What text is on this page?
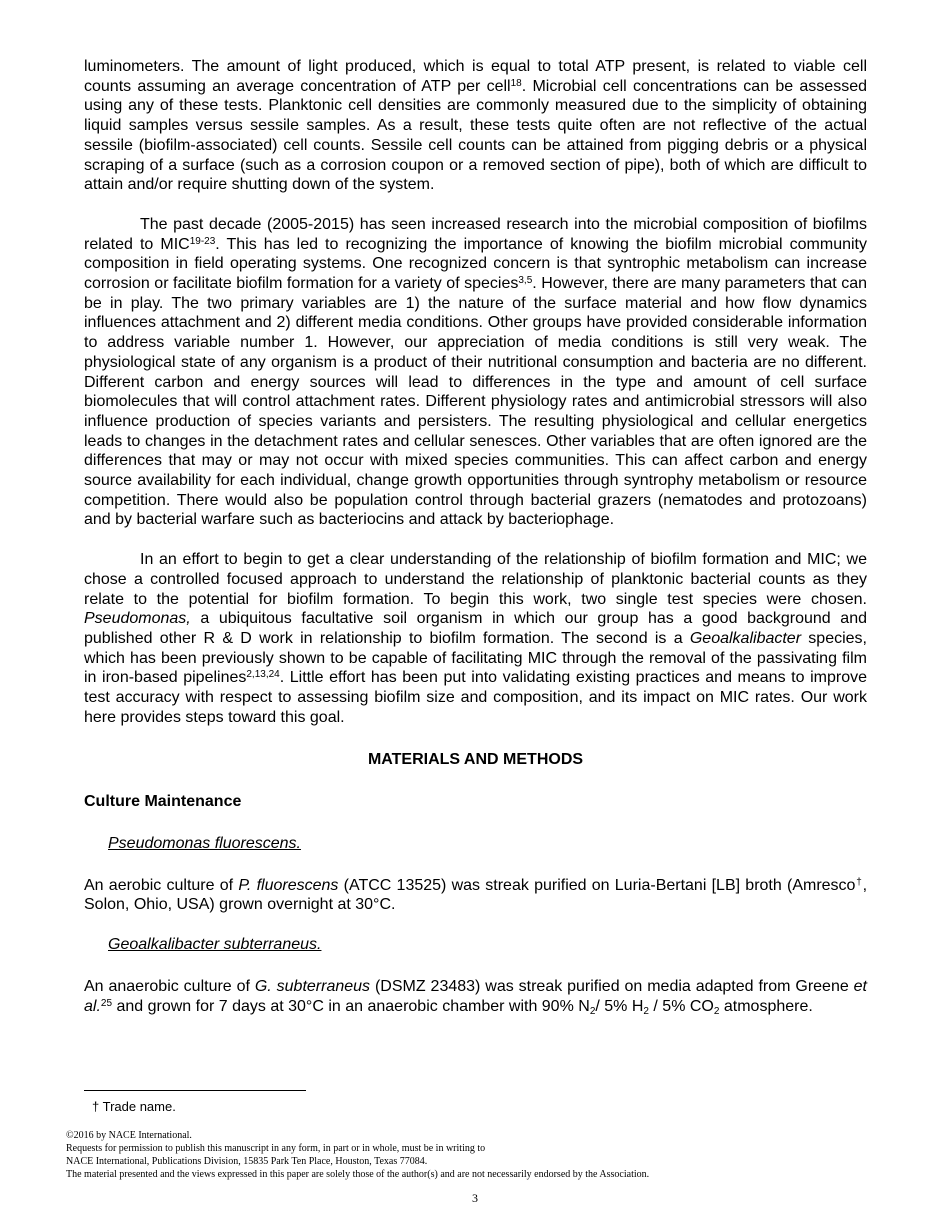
luminometers. The amount of light produced, which is equal to total ATP present, is related to viable cell counts assuming an average concentration of ATP per cell$^{18}$. Microbial cell concentrations can be assessed using any of these tests. Planktonic cell densities are commonly measured due to the simplicity of obtaining liquid samples versus sessile samples. As a result, these tests quite often are not reflective of the actual sessile (biofilm-associated) cell counts. Sessile cell counts can be attained from pigging debris or a physical scraping of a surface (such as a corrosion coupon or a removed section of pipe), both of which are difficult to attain and/or require shutting down of the system.

The past decade (2005-2015) has seen increased research into the microbial composition of biofilms related to MIC$^{19-23}$. This has led to recognizing the importance of knowing the biofilm microbial community composition in field operating systems. One recognized concern is that syntrophic metabolism can increase corrosion or facilitate biofilm formation for a variety of species$^{3,5}$. However, there are many parameters that can be in play. The two primary variables are 1) the nature of the surface material and how flow dynamics influences attachment and 2) different media conditions. Other groups have provided considerable information to address variable number 1. However, our appreciation of media conditions is still very weak. The physiological state of any organism is a product of their nutritional consumption and bacteria are no different. Different carbon and energy sources will lead to differences in the type and amount of cell surface biomolecules that will control attachment rates. Different physiology rates and antimicrobial stressors will also influence production of species variants and persisters. The resulting physiological and cellular energetics leads to changes in the detachment rates and cellular senesces. Other variables that are often ignored are the differences that may or may not occur with mixed species communities. This can affect carbon and energy source availability for each individual, change growth opportunities through syntrophy metabolism or resource competition. There would also be population control through bacterial grazers (nematodes and protozoans) and by bacterial warfare such as bacteriocins and attack by bacteriophage.

In an effort to begin to get a clear understanding of the relationship of biofilm formation and MIC; we chose a controlled focused approach to understand the relationship of planktonic bacterial counts as they relate to the potential for biofilm formation. To begin this work, two single test species were chosen. Pseudomonas, a ubiquitous facultative soil organism in which our group has a good background and published other R & D work in relationship to biofilm formation. The second is a Geoalkalibacter species, which has been previously shown to be capable of facilitating MIC through the removal of the passivating film in iron-based pipelines$^{2,13,24}$. Little effort has been put into validating existing practices and means to improve test accuracy with respect to assessing biofilm size and composition, and its impact on MIC rates. Our work here provides steps toward this goal.

MATERIALS AND METHODS

Culture Maintenance

Pseudomonas fluorescens.

An aerobic culture of P. fluorescens (ATCC 13525) was streak purified on Luria-Bertani [LB] broth (Amresco†, Solon, Ohio, USA) grown overnight at 30°C.

Geoalkalibacter subterraneus.

An anaerobic culture of G. subterraneus (DSMZ 23483) was streak purified on media adapted from Greene et al.$^{25}$ and grown for 7 days at 30°C in an anaerobic chamber with 90% $N_2/$ 5% $H_2 / 5\%$ $CO_2$ atmosphere.

† Trade name.
©2016 by NACE International.
Requests for permission to publish this manuscript in any form, in part or in whole, must be in writing to
NACE International, Publications Division, 15835 Park Ten Place, Houston, Texas 77084.
The material presented and the views expressed in this paper are solely those of the author(s) and are not necessarily endorsed by the Association.
3
